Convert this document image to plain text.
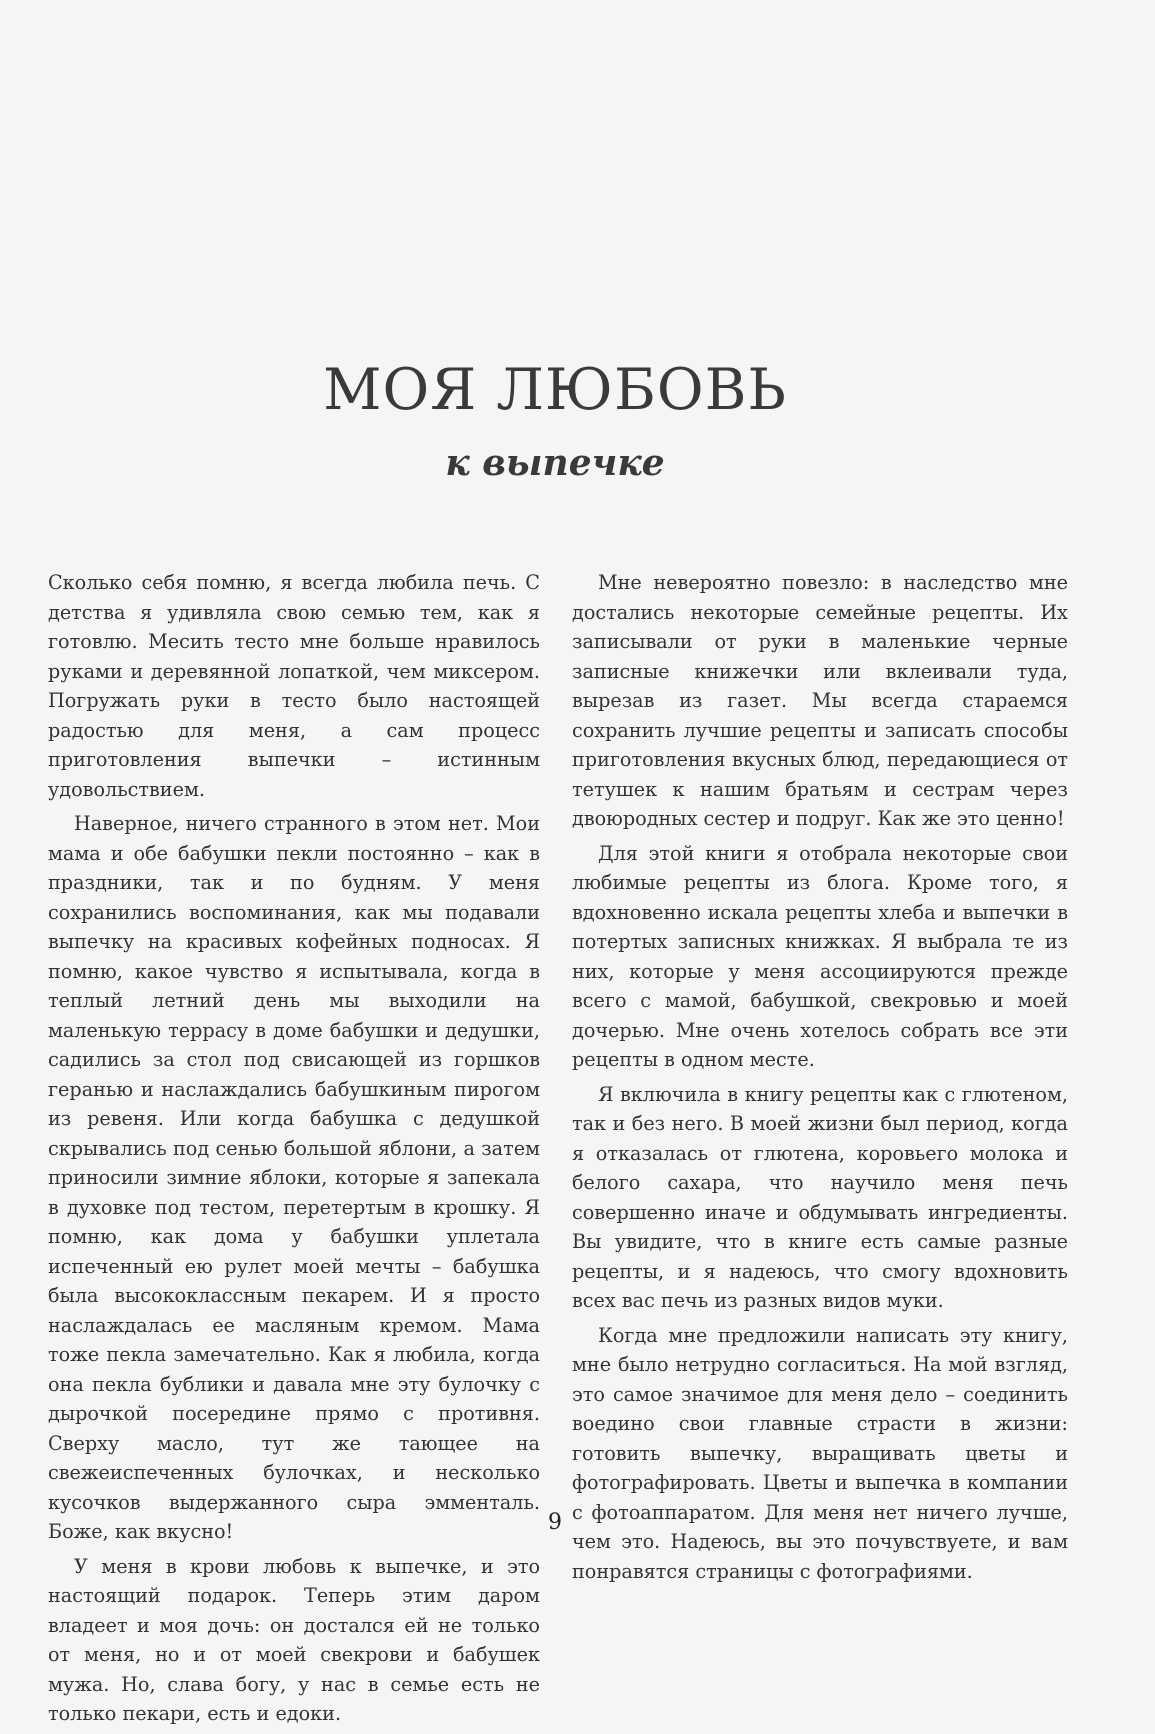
МОЯ ЛЮБОВЬ
к выпечке

Сколько себя помню, я всегда любила печь. С детства я удивляла свою семью тем, как я готовлю. Месить тесто мне больше нравилось руками и деревянной лопаткой, чем миксером. Погружать руки в тесто было настоящей радостью для меня, а сам процесс приготовления выпечки – истинным удовольствием.

Наверное, ничего странного в этом нет. Мои мама и обе бабушки пекли постоянно – как в праздники, так и по будням. У меня сохранились воспоминания, как мы подавали выпечку на красивых кофейных подносах. Я помню, какое чувство я испытывала, когда в теплый летний день мы выходили на маленькую террасу в доме бабушки и дедушки, садились за стол под свисающей из горшков геранью и наслаждались бабушкиным пирогом из ревеня. Или когда бабушка с дедушкой скрывались под сенью большой яблони, а затем приносили зимние яблоки, которые я запекала в духовке под тестом, перетертым в крошку. Я помню, как дома у бабушки уплетала испеченный ею рулет моей мечты – бабушка была высококлассным пекарем. И я просто наслаждалась ее масляным кремом. Мама тоже пекла замечательно. Как я любила, когда она пекла бублики и давала мне эту булочку с дырочкой посередине прямо с противня. Сверху масло, тут же тающее на свежеиспеченных булочках, и несколько кусочков выдержанного сыра эмменталь. Боже, как вкусно!

У меня в крови любовь к выпечке, и это настоящий подарок. Теперь этим даром владеет и моя дочь: он достался ей не только от меня, но и от моей свекрови и бабушек мужа. Но, слава богу, у нас в семье есть не только пекари, есть и едоки.

Мне невероятно повезло: в наследство мне достались некоторые семейные рецепты. Их записывали от руки в маленькие черные записные книжечки или вклеивали туда, вырезав из газет. Мы всегда стараемся сохранить лучшие рецепты и записать способы приготовления вкусных блюд, передающиеся от тетушек к нашим братьям и сестрам через двоюродных сестер и подруг. Как же это ценно!

Для этой книги я отобрала некоторые свои любимые рецепты из блога. Кроме того, я вдохновенно искала рецепты хлеба и выпечки в потертых записных книжках. Я выбрала те из них, которые у меня ассоциируются прежде всего с мамой, бабушкой, свекровью и моей дочерью. Мне очень хотелось собрать все эти рецепты в одном месте.

Я включила в книгу рецепты как с глютеном, так и без него. В моей жизни был период, когда я отказалась от глютена, коровьего молока и белого сахара, что научило меня печь совершенно иначе и обдумывать ингредиенты. Вы увидите, что в книге есть самые разные рецепты, и я надеюсь, что смогу вдохновить всех вас печь из разных видов муки.

Когда мне предложили написать эту книгу, мне было нетрудно согласиться. На мой взгляд, это самое значимое для меня дело – соединить воедино свои главные страсти в жизни: готовить выпечку, выращивать цветы и фотографировать. Цветы и выпечка в компании с фотоаппаратом. Для меня нет ничего лучше, чем это. Надеюсь, вы это почувствуете, и вам понравятся страницы с фотографиями.

9
